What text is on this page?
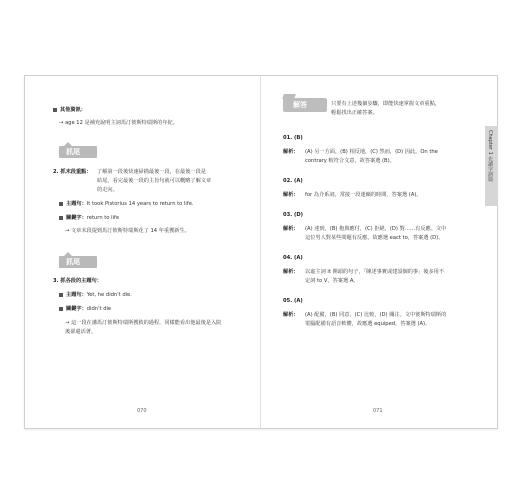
其他資訊：
→ age 12 是補充說明主詞馬汀彼斯特瑞斯的年紀。
抓尾
2. 抓末段重點： 了解第一段後快速掃描最後一段，在最後一段是
結尾，看完最後一段的主旨句就可以概略了解文章
的走向。
主題句：It took Pistorius 14 years to return to life.
關鍵字：return to life
→ 文章末段提到馬汀彼斯特瑞斯花了 14 年重獲新生。
抓尾
3. 抓各段的主題句：
主題句：Yet, he didn't die.
關鍵字：didn't die
→ 這一段在講馬汀彼斯特瑞斯獲救的過程，同樣能看出他最後是入院
後卻還活著。
070
Chapter 1 先讀字詞篇
解答	只要有上述幾個步驟，即能快速掌握文章重點，
輕鬆找出正確答案。
01. (B)
解析： (A) 另一方面，(B) 相反地，(C) 然而，(D) 因此。On the
contrary 較符合文意，故答案選 (B)。
02. (A)
解析： for 為介系詞，常接一段連續的時間，答案選 (A)。
03. (D)
解析： (A) 達到，(B) 抱與應付，(C) 拒絕，(D) 對……有反應。文中
這位男人對某些問題有反應，故應選 eact to，答案選 (D)。
04. (A)
解析： 以虛主詞 it 開頭的句子，「陳述事實或建設個的事」後多用不
定詞 to V，答案選 A。
05. (A)
解析： (A) 配備，(B) 同意，(C) 比較，(D) 關注。文中彼斯特瑞斯的
電腦配備有語音軟體，故應選 equiped，答案選 (A)。
071
